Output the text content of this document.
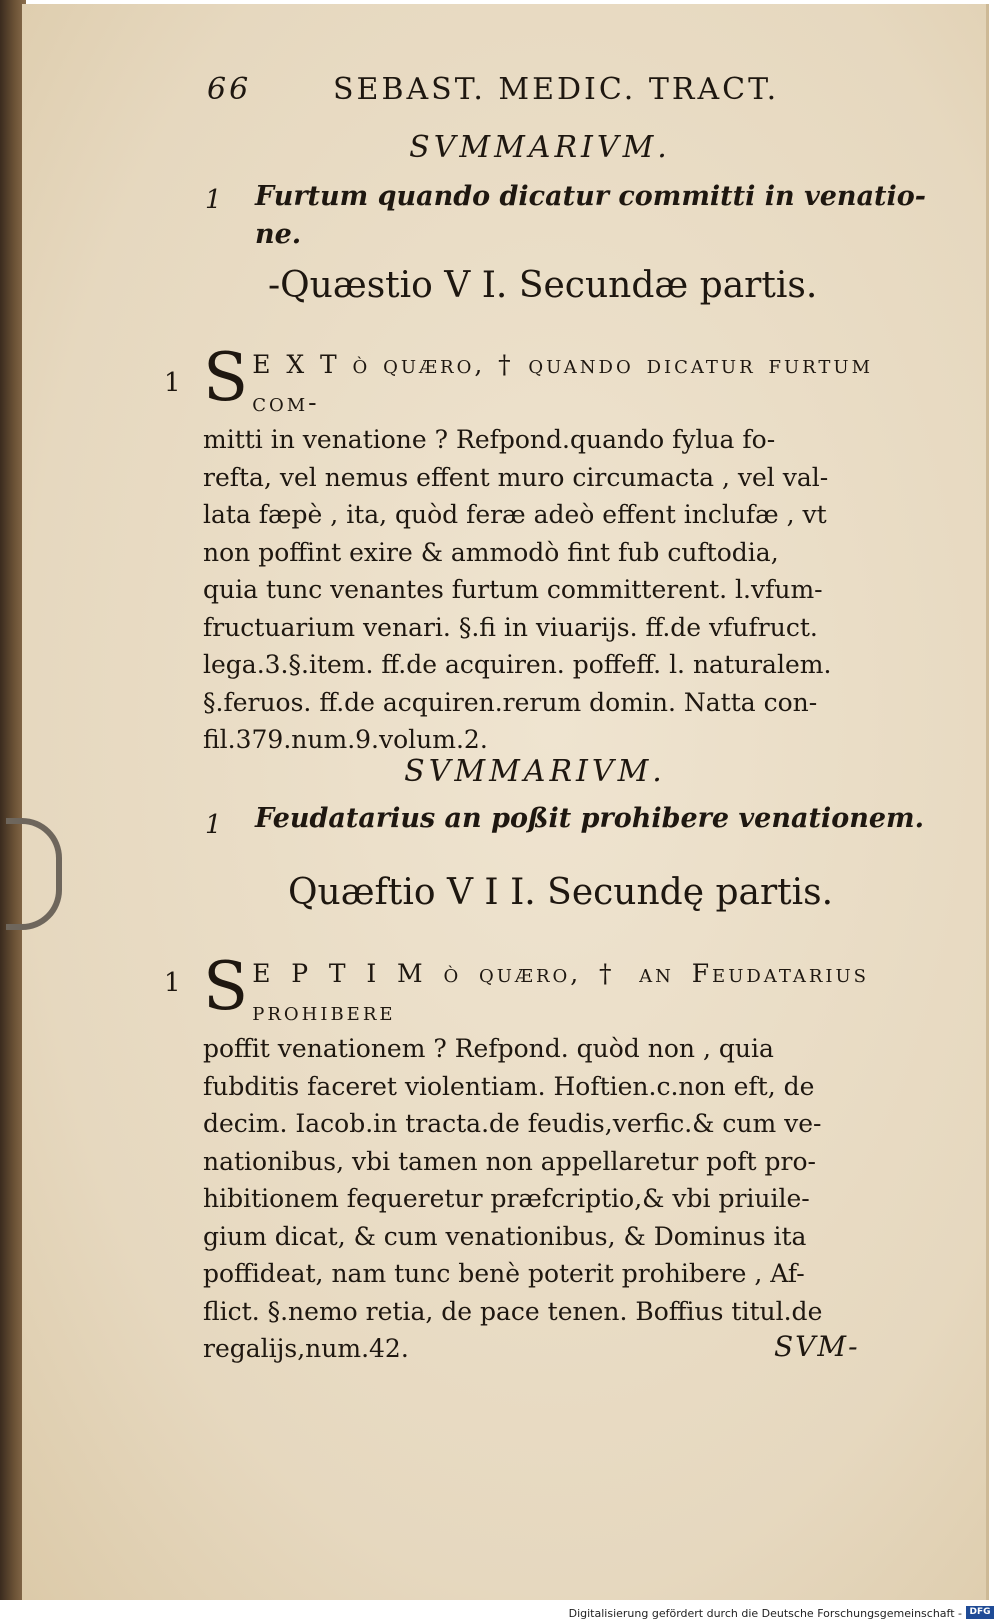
66	SEBAST. MEDIC. TRACT.
SVMMARIVM.
1 Furtum quando dicatur committi in venatio-
ne.
-Quæstio V I. Secundæ partis.
1 S E X T ò quæro, † quando dicatur furtum com-
mitti in venatione ? Refpond.quando fylua fo-
refta, vel nemus effent muro circumacta , vel val-
lata fæpè , ita, quòd feræ adeò effent inclufæ , vt
non poffint exire & ammodò fint fub cuftodia,
quia tunc venantes furtum committerent. l.vfum-
fructuarium venari. §.fi in viuarijs. ff.de vfufruct.
lega.3.§.item. ff.de acquiren. poffeff. l. naturalem.
§.feruos. ff.de acquiren.rerum domin. Natta con-
fil.379.num.9.volum.2.
SVMMARIVM.
1 Feudatarius an poßit prohibere venationem.
Quæftio V I I. Secundę partis.
1 S E P T I M ò quæro, † an Feudatarius prohibere
poffit venationem ? Refpond. quòd non , quia
fubditis faceret violentiam. Hoftien.c.non eft, de
decim. Iacob.in tracta.de feudis,verfic.& cum ve-
nationibus, vbi tamen non appellaretur poft pro-
hibitionem fequeretur præfcriptio,& vbi priuile-
gium dicat, & cum venationibus, & Dominus ita
poffideat, nam tunc benè poterit prohibere , Af-
flict. §.nemo retia, de pace tenen. Boffius titul.de
regalijs,num.42.	SVM-
Digitalisierung gefördert durch die Deutsche Forschungsgemeinschaft - DFG
